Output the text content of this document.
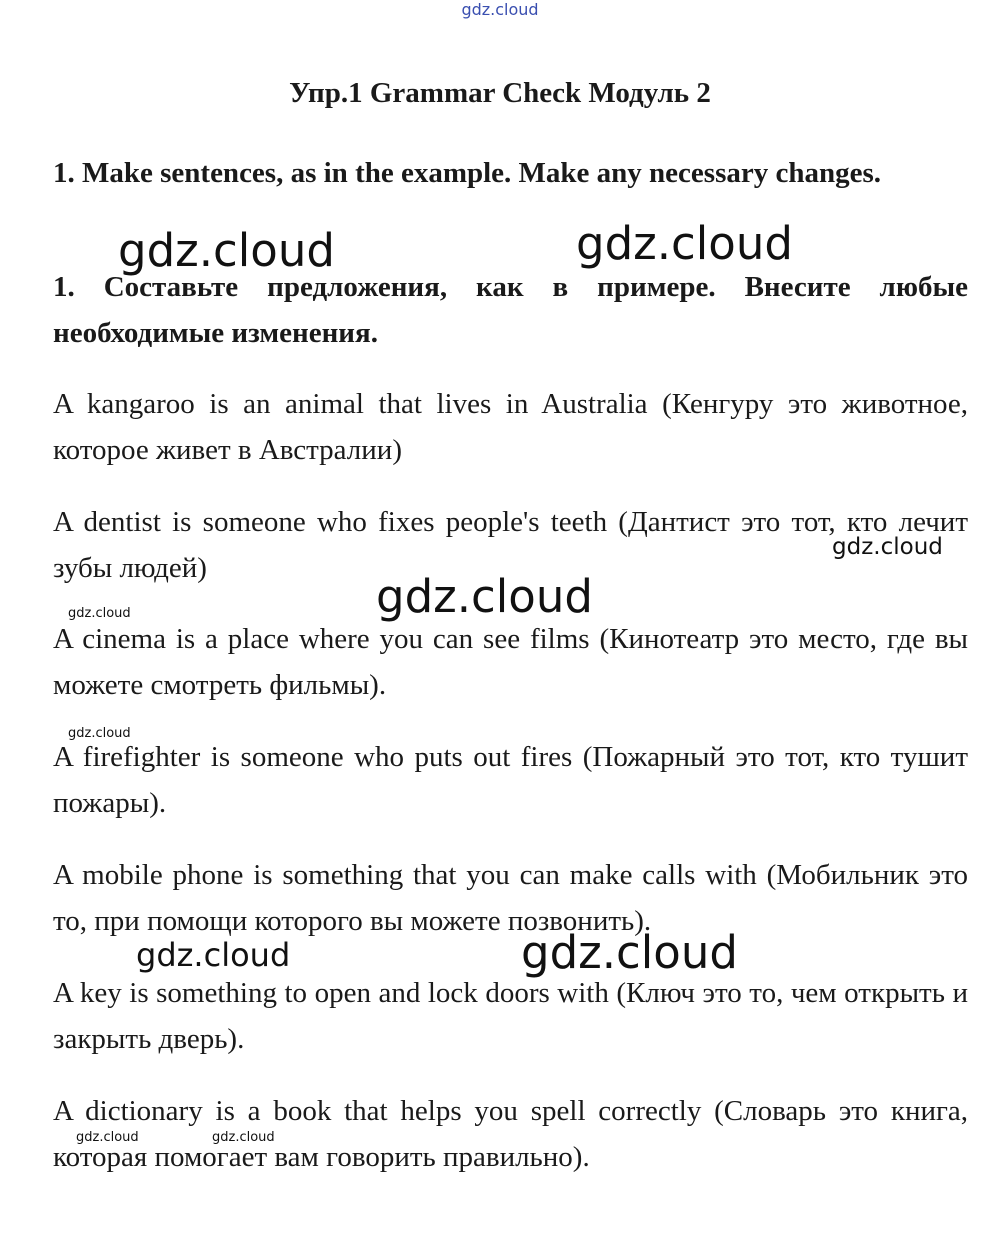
gdz.cloud
Упр.1 Grammar Check Модуль 2
1. Make sentences, as in the example. Make any necessary changes.
1. Составьте предложения, как в примере. Внесите любые необходимые изменения.
A kangaroo is an animal that lives in Australia (Кенгуру это животное, которое живет в Австралии)
A dentist is someone who fixes people's teeth (Дантист это тот, кто лечит зубы людей)
A cinema is a place where you can see films (Кинотеатр это место, где вы можете смотреть фильмы).
A firefighter is someone who puts out fires (Пожарный это тот, кто тушит пожары).
A mobile phone is something that you can make calls with (Мобильник это то, при помощи которого вы можете позвонить).
A key is something to open and lock doors with (Ключ это то, чем открыть и закрыть дверь).
A dictionary is a book that helps you spell correctly (Словарь это книга, которая помогает вам говорить правильно).
gdz.cloud	gdz.cloud
gdz.cloud
gdz.cloud
gdz.cloud
gdz.cloud
gdz.cloud	gdz.cloud
gdz.cloud	gdz.cloud
